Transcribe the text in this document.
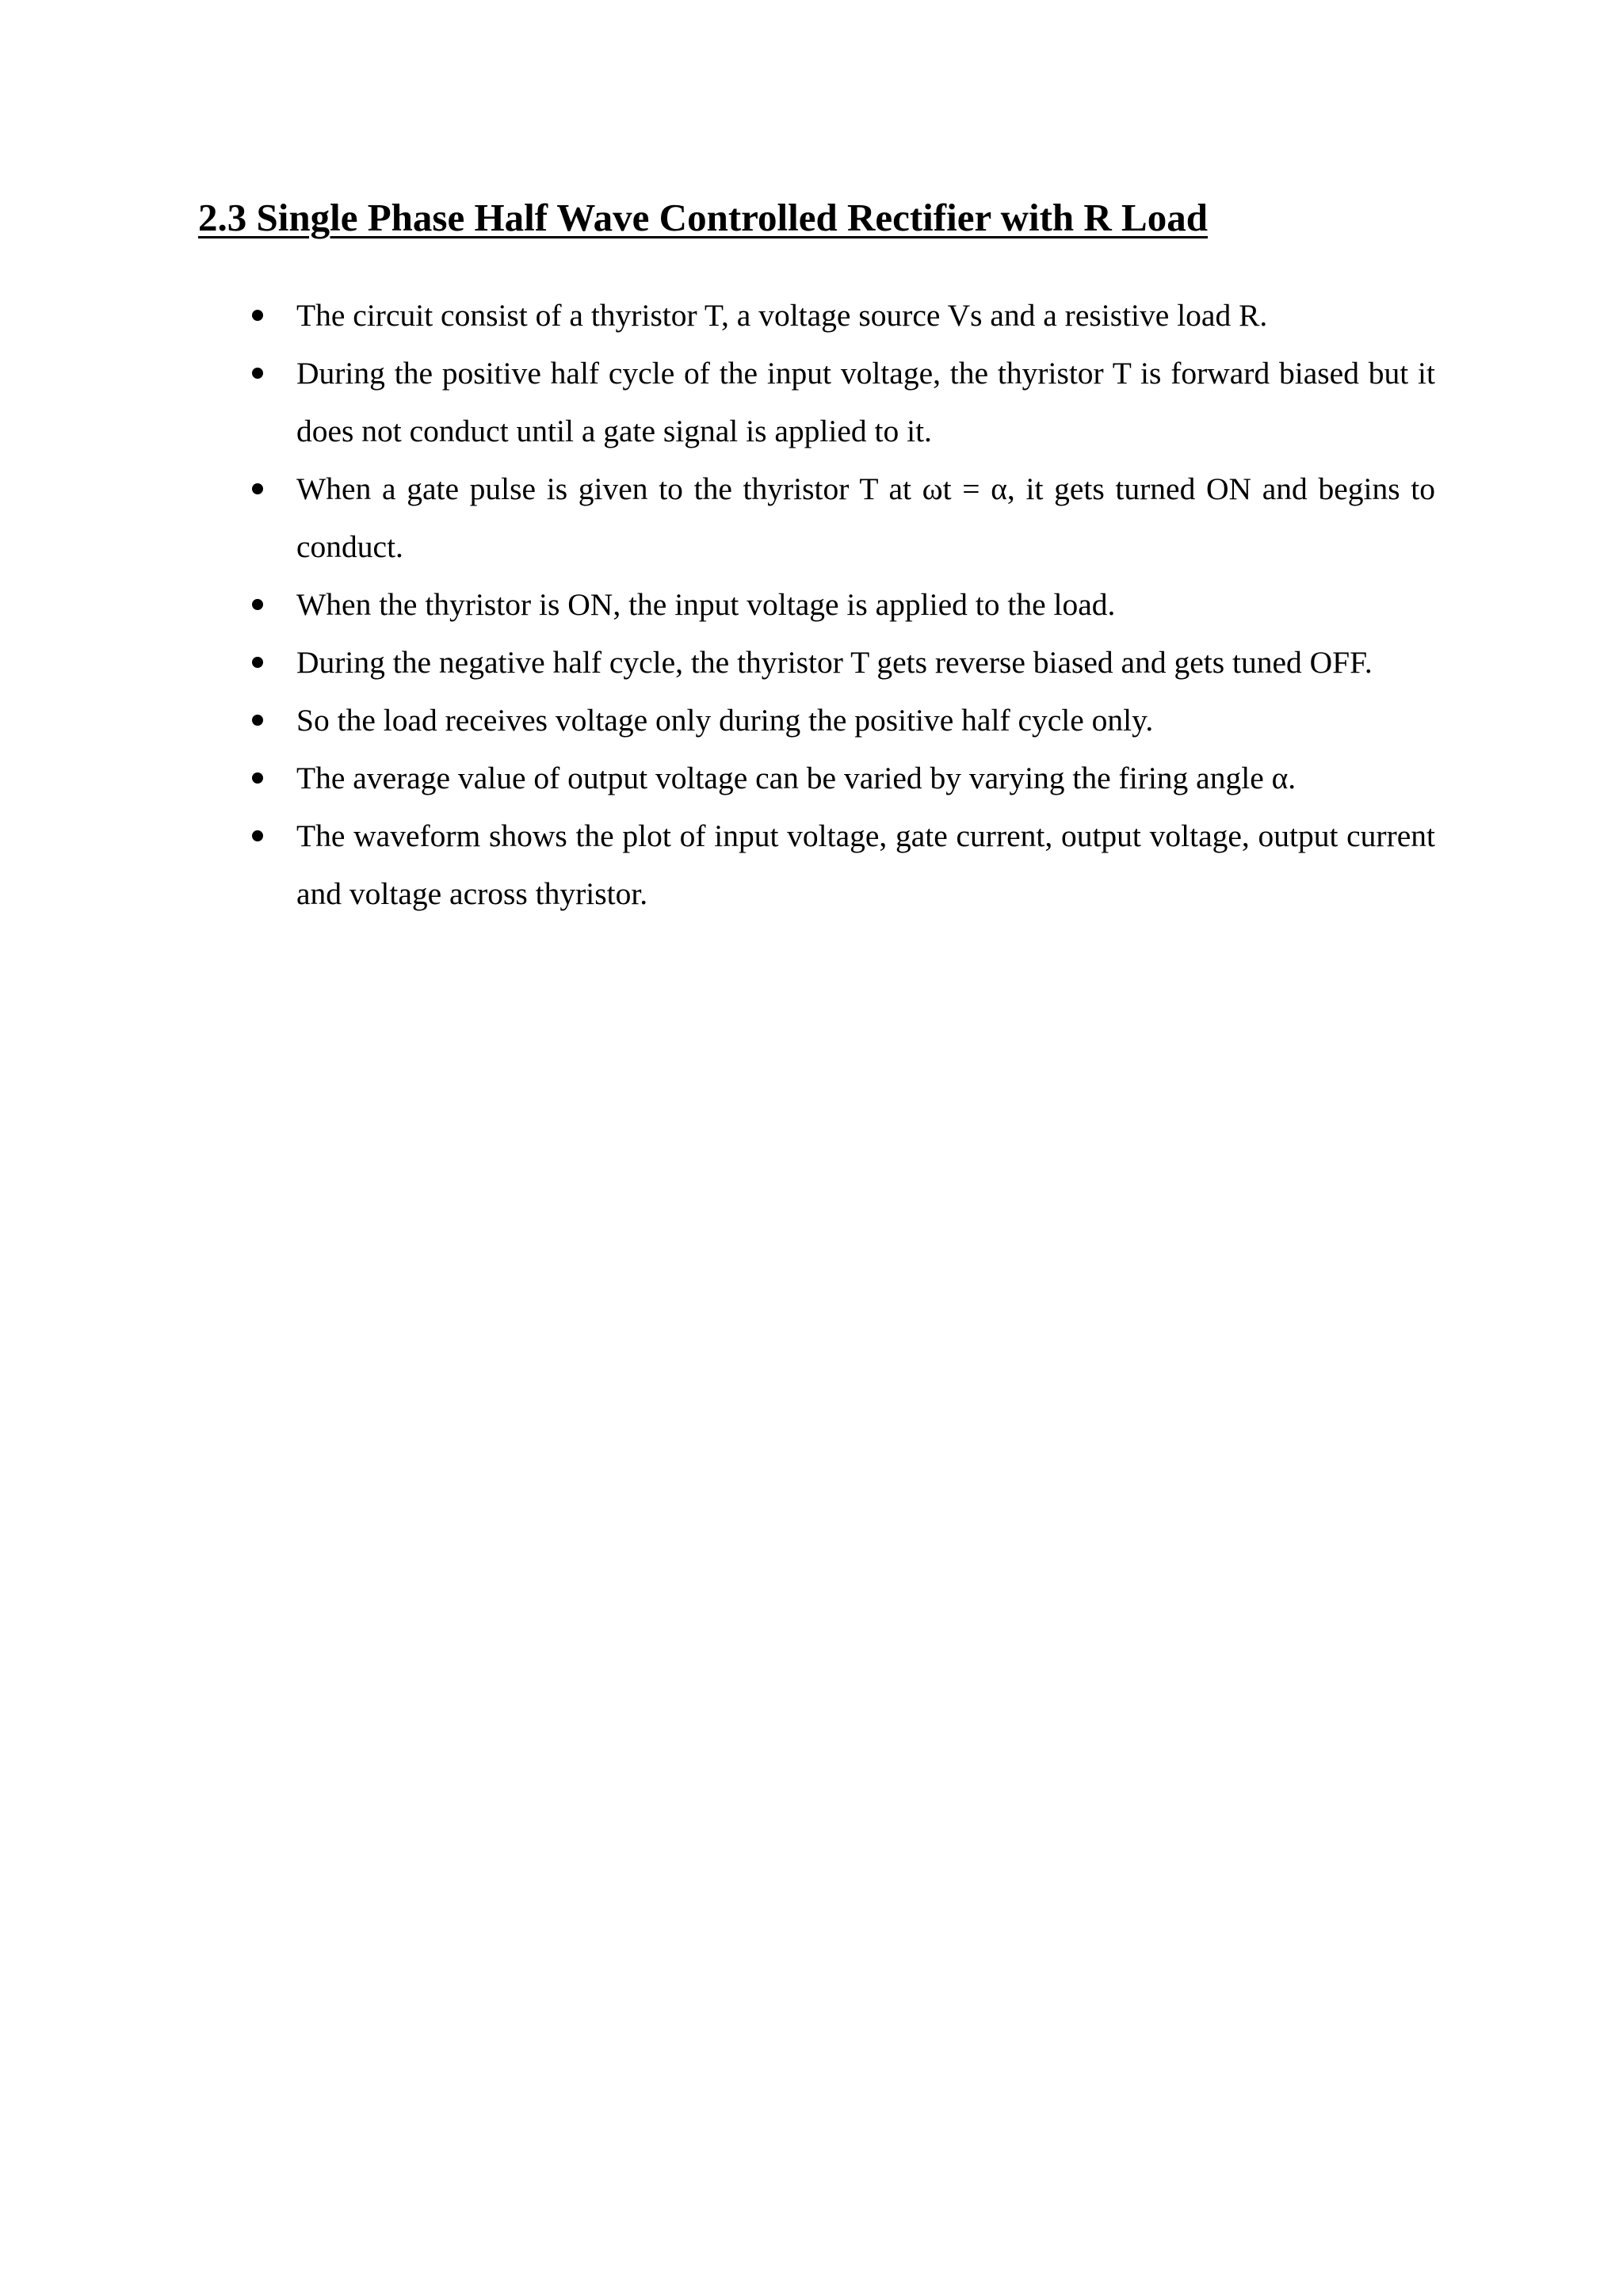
2.3 Single Phase Half Wave Controlled Rectifier with R Load
The circuit consist of a thyristor T, a voltage source Vs and a resistive load R.
During the positive half cycle of the input voltage, the thyristor T is forward biased but it does not conduct until a gate signal is applied to it.
When a gate pulse is given to the thyristor T at ωt = α, it gets turned ON and begins to conduct.
When the thyristor is ON, the input voltage is applied to the load.
During the negative half cycle, the thyristor T gets reverse biased and gets tuned OFF.
So the load receives voltage only during the positive half cycle only.
The average value of output voltage can be varied by varying the firing angle α.
The waveform shows the plot of input voltage, gate current, output voltage, output current and voltage across thyristor.
